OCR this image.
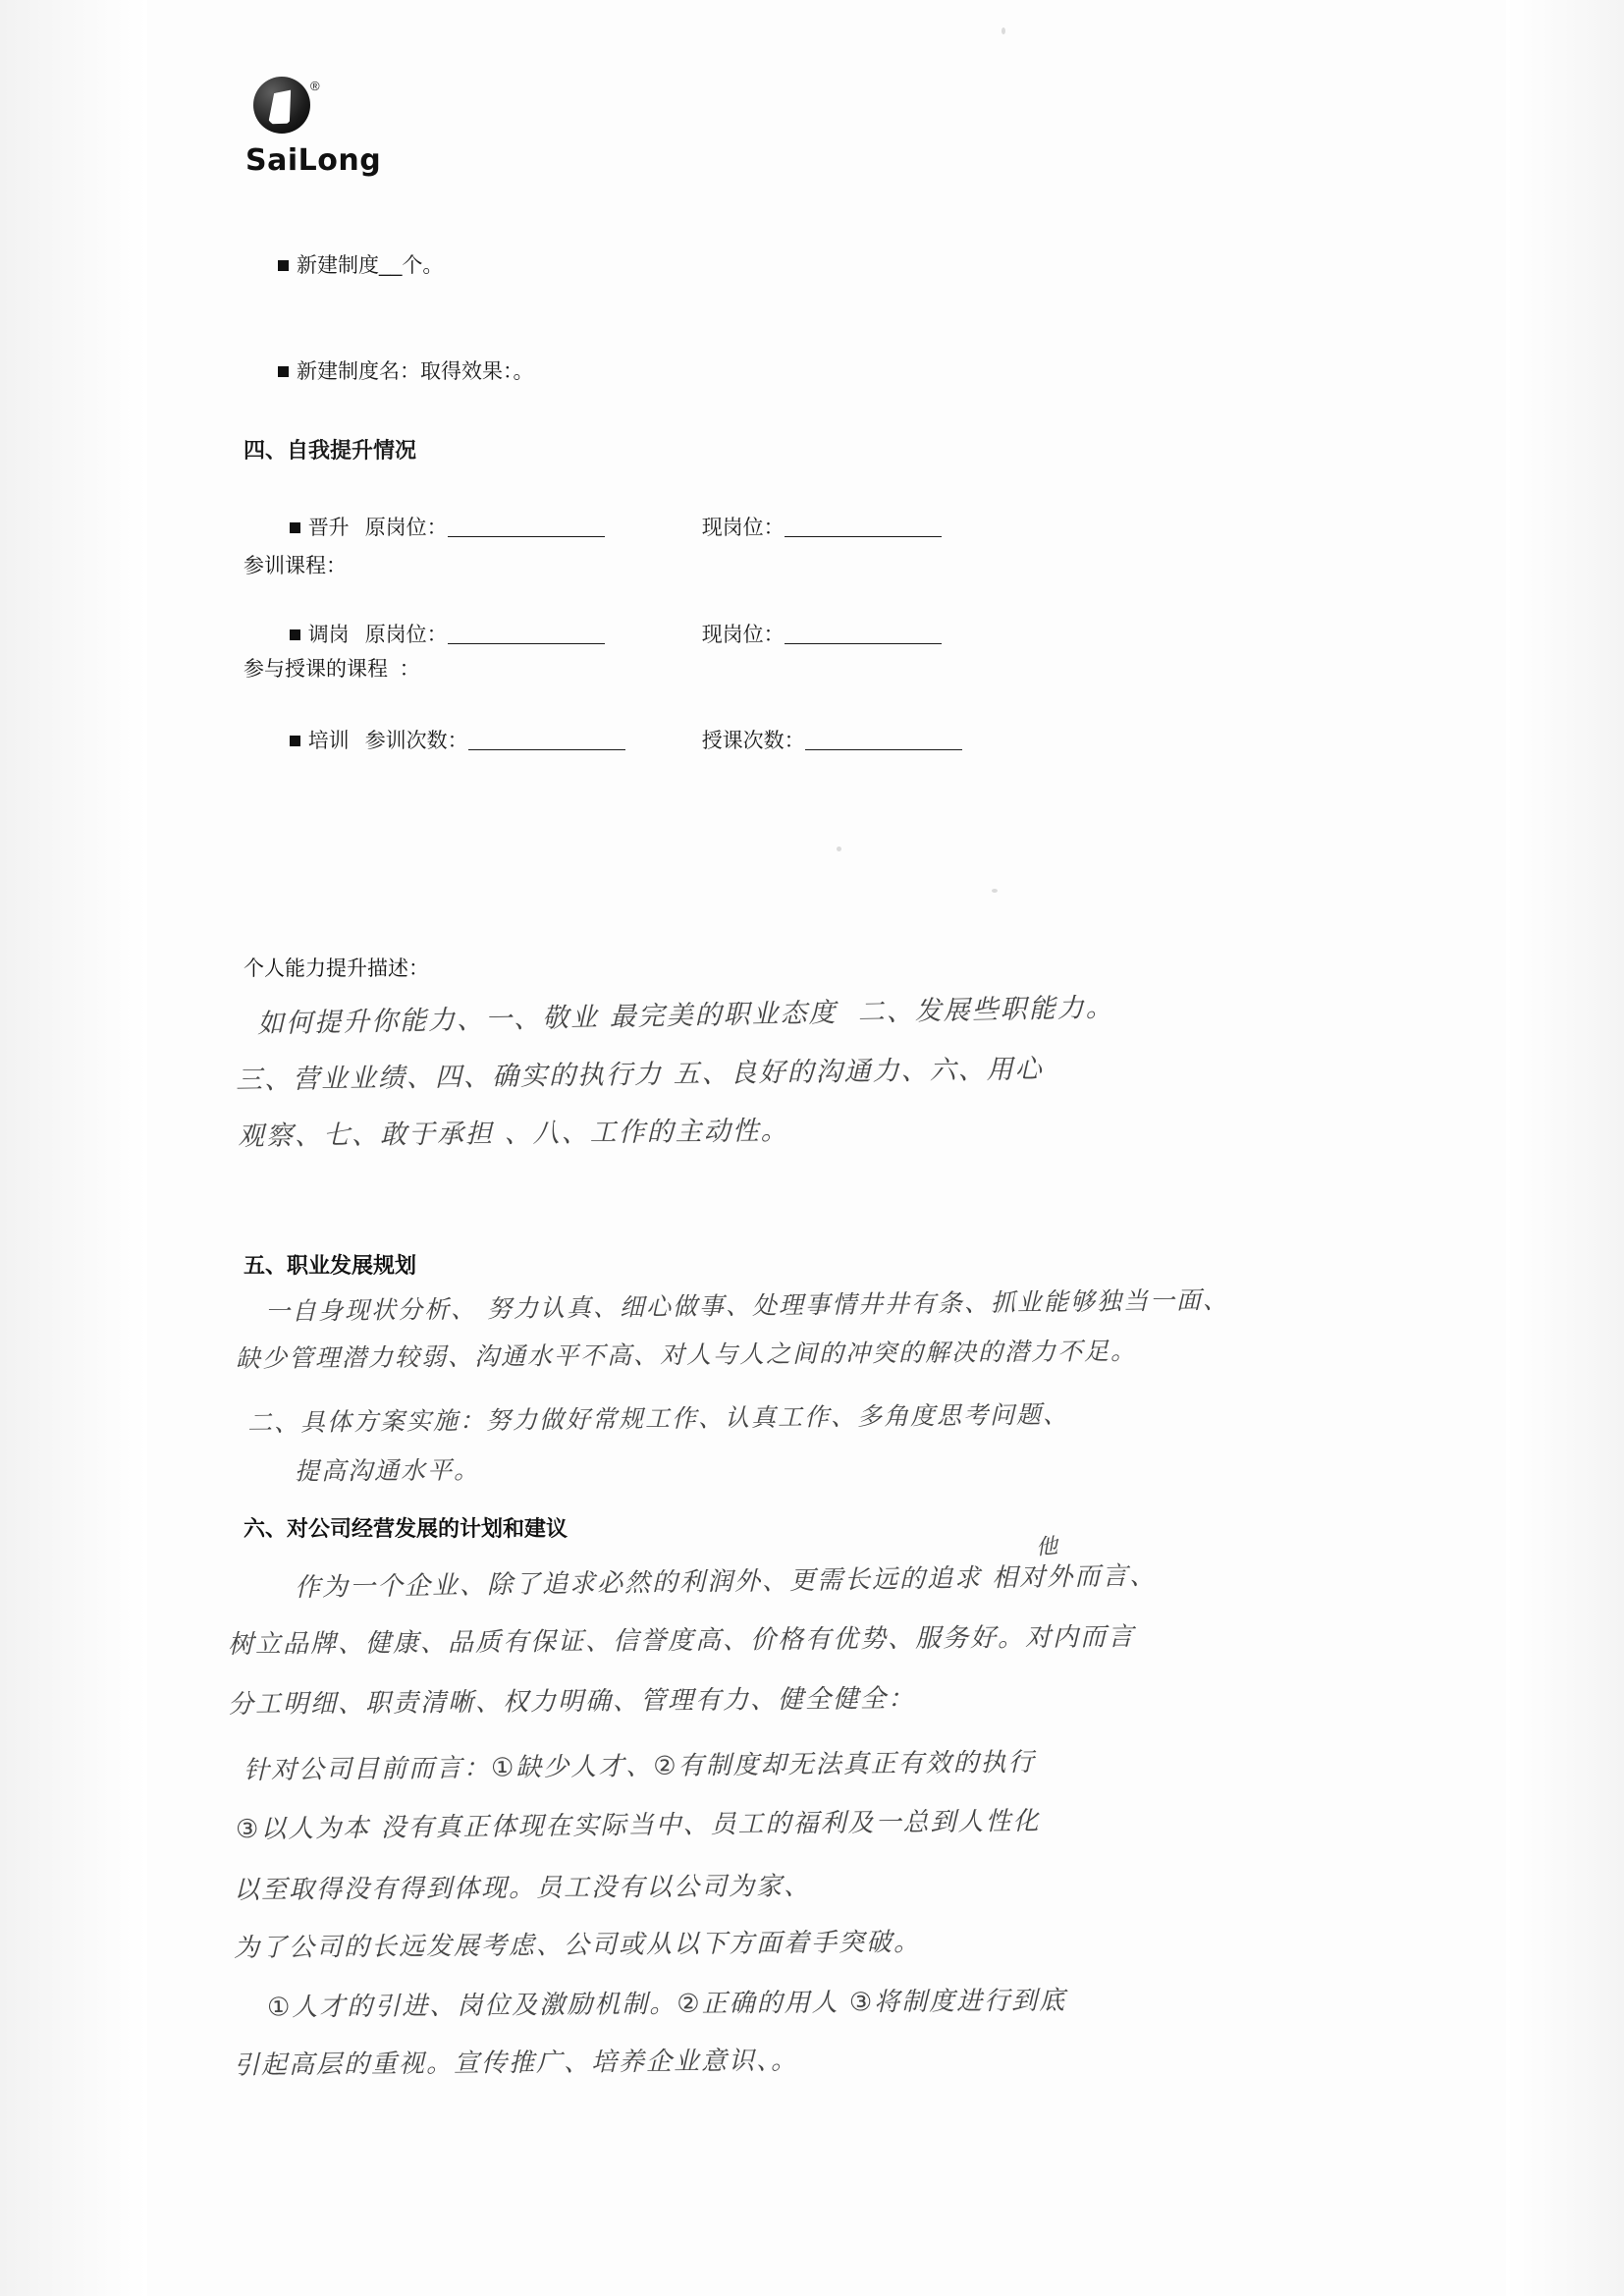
®
SaiLong

新建制度__个。

新建制度名：取得效果：。

四、自我提升情况

晋升 原岗位：
	现岗位：

调岗 原岗位：
	现岗位：

培训 参训次数：
	授课次数：

参训课程：
参与授课的课程  ：
个人能力提升描述：
五、职业发展规划
六、对公司经营发展的计划和建议
如何提升你能力、一、敬业 最完美的职业态度  二、发展些职能力。
三、营业业绩、四、确实的执行力 五、良好的沟通力、六、用心
观察、七、敢于承担 、八、工作的主动性。
一自身现状分析、 努力认真、细心做事、处理事情井井有条、抓业能够独当一面、
缺少管理潜力较弱、沟通水平不高、对人与人之间的冲突的解决的潜力不足。
二、具体方案实施：努力做好常规工作、认真工作、多角度思考问题、
提高沟通水平。
他
作为一个企业、除了追求必然的利润外、更需长远的追求 相对外而言、
树立品牌、健康、品质有保证、信誉度高、价格有优势、服务好。对内而言
分工明细、职责清晰、权力明确、管理有力、健全健全：
针对公司目前而言：①缺少人才、②有制度却无法真正有效的执行
③以人为本 没有真正体现在实际当中、员工的福利及一总到人性化
以至取得没有得到体现。员工没有以公司为家、
为了公司的长远发展考虑、公司或从以下方面着手突破。
①人才的引进、岗位及激励机制。②正确的用人 ③将制度进行到底
引起高层的重视。宣传推广、培养企业意识、。
